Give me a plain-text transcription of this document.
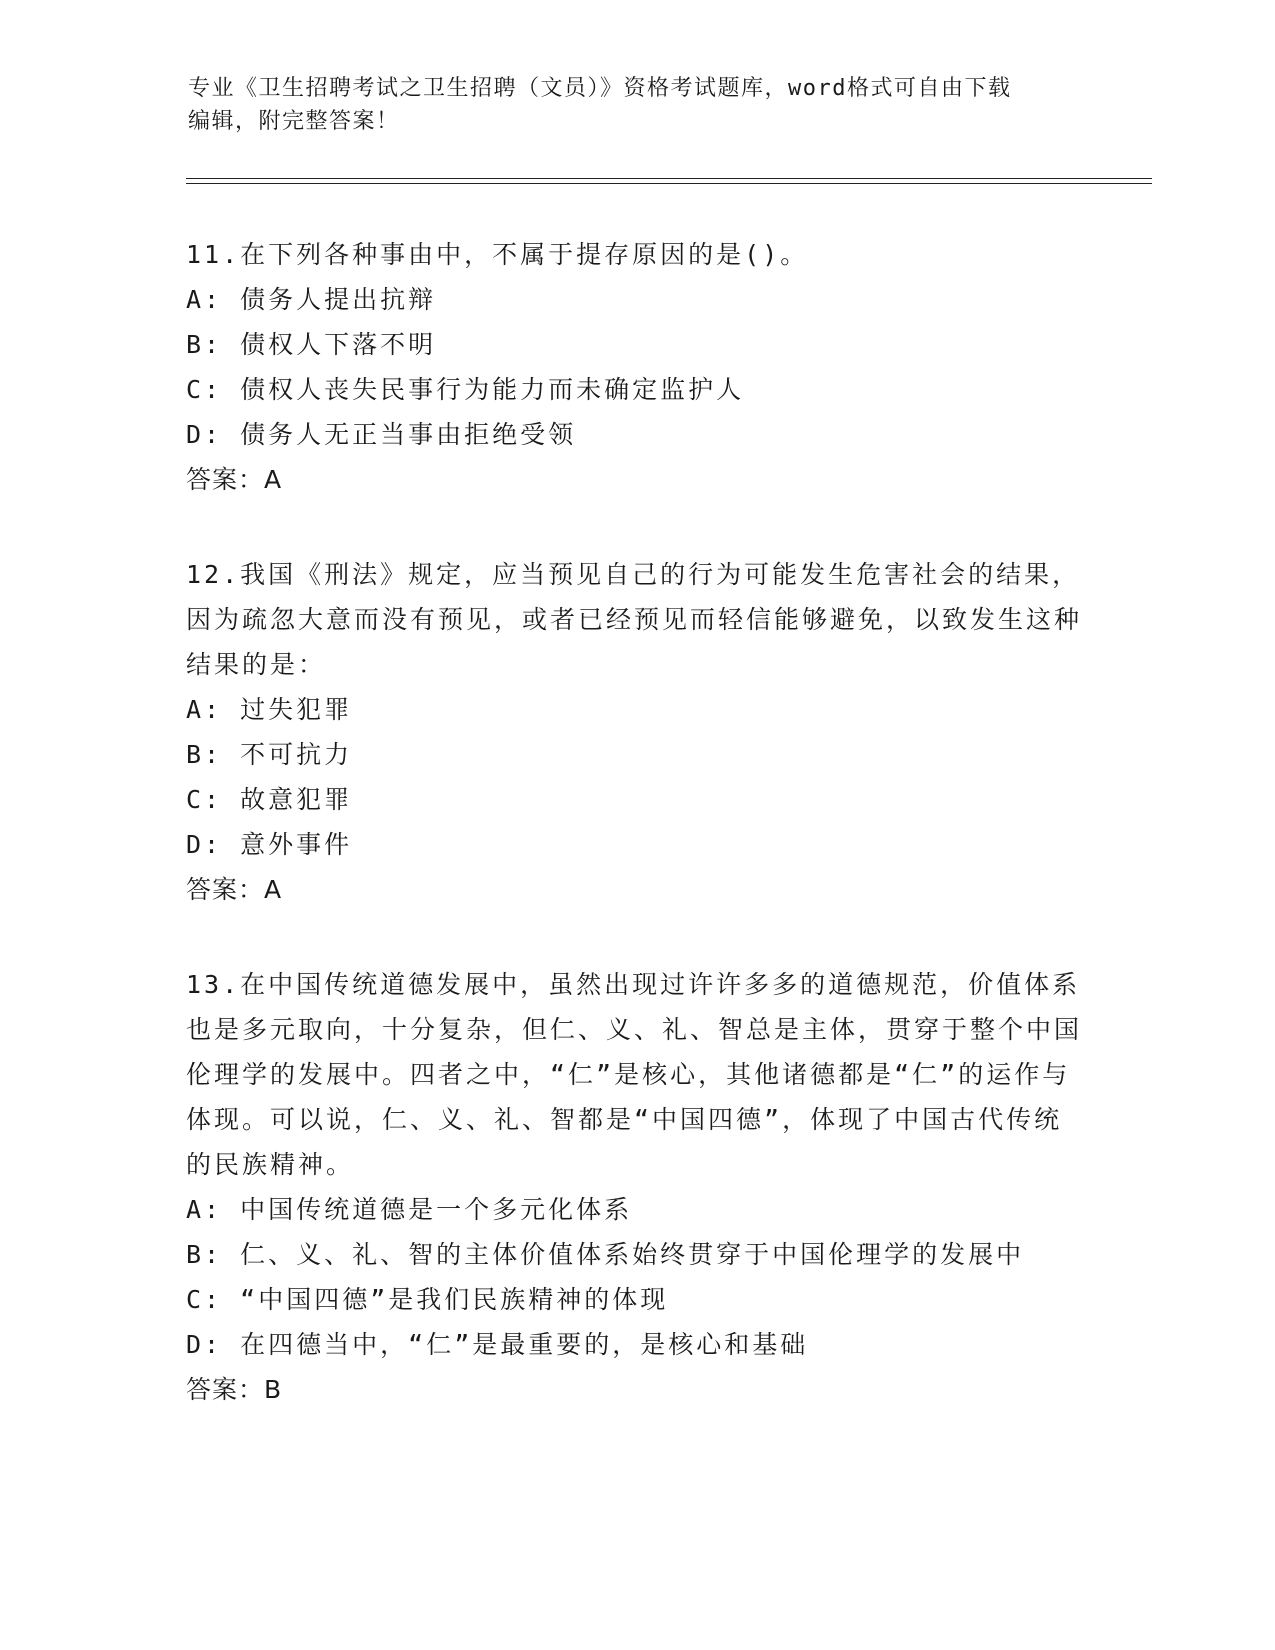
专业《卫生招聘考试之卫生招聘（文员）》资格考试题库，word格式可自由下载
编辑，附完整答案！
11.在下列各种事由中，不属于提存原因的是()。
A: 债务人提出抗辩
B: 债权人下落不明
C: 债权人丧失民事行为能力而未确定监护人
D: 债务人无正当事由拒绝受领
答案：A
12.我国《刑法》规定，应当预见自己的行为可能发生危害社会的结果，因为疏忽大意而没有预见，或者已经预见而轻信能够避免，以致发生这种结果的是：
A: 过失犯罪
B: 不可抗力
C: 故意犯罪
D: 意外事件
答案：A
13.在中国传统道德发展中，虽然出现过许许多多的道德规范，价值体系也是多元取向，十分复杂，但仁、义、礼、智总是主体，贯穿于整个中国伦理学的发展中。四者之中，“仁”是核心，其他诸德都是“仁”的运作与体现。可以说，仁、义、礼、智都是“中国四德”，体现了中国古代传统的民族精神。
A: 中国传统道德是一个多元化体系
B: 仁、义、礼、智的主体价值体系始终贯穿于中国伦理学的发展中
C: “中国四德”是我们民族精神的体现
D: 在四德当中，“仁”是最重要的，是核心和基础
答案：B
